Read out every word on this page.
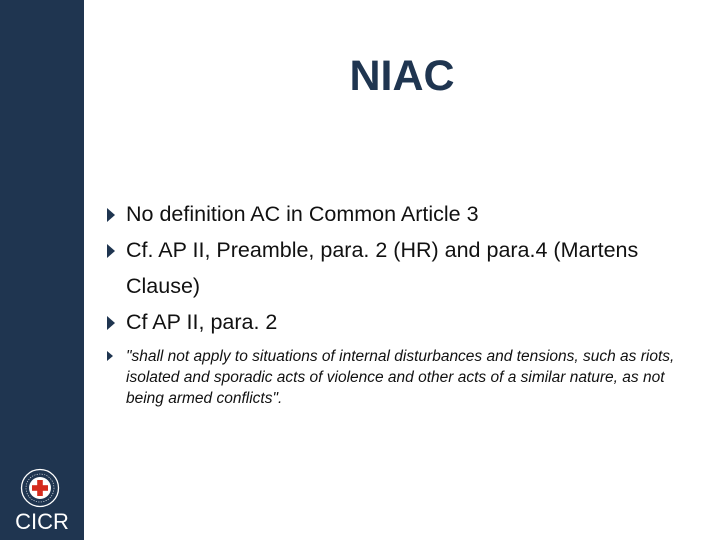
CICR
NIAC
No definition AC in Common Article 3
Cf. AP II, Preamble, para. 2 (HR) and para.4 (Martens Clause)
Cf AP II, para. 2
"shall not apply to situations of internal disturbances and tensions, such as riots, isolated and sporadic acts of violence and other acts of a similar nature, as not being armed conflicts".
